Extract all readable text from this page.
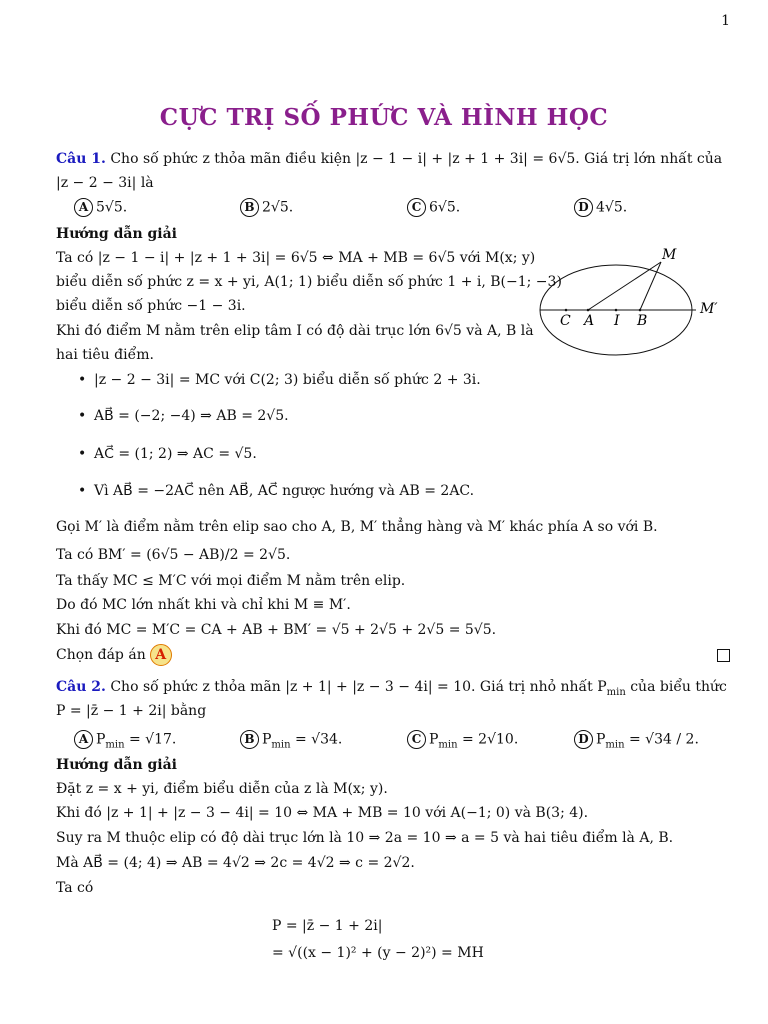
1
CỰC TRỊ SỐ PHỨC VÀ HÌNH HỌC
Câu 1. Cho số phức z thỏa mãn điều kiện |z − 1 − i| + |z + 1 + 3i| = 6√5. Giá trị lớn nhất của
|z − 2 − 3i| là
A 5√5.	B 2√5.	C 6√5.	D 4√5.
Hướng dẫn giải
Ta có |z − 1 − i| + |z + 1 + 3i| = 6√5 ⇔ MA + MB = 6√5 với M(x; y)
biểu diễn số phức z = x + yi, A(1; 1) biểu diễn số phức 1 + i, B(−1; −3)
biểu diễn số phức −1 − 3i.
Khi đó điểm M nằm trên elip tâm I có độ dài trục lớn 6√5 và A, B là
hai tiêu điểm.
M
M′
C A I B
• |z − 2 − 3i| = MC với C(2; 3) biểu diễn số phức 2 + 3i.
• AB⃗ = (−2; −4) ⇒ AB = 2√5.
• AC⃗ = (1; 2) ⇒ AC = √5.
• Vì AB⃗ = −2AC⃗ nên AB⃗, AC⃗ ngược hướng và AB = 2AC.
Gọi M′ là điểm nằm trên elip sao cho A, B, M′ thẳng hàng và M′ khác phía A so với B.
Ta có BM′ = (6√5 − AB)/2 = 2√5.
Ta thấy MC ≤ M′C với mọi điểm M nằm trên elip.
Do đó MC lớn nhất khi và chỉ khi M ≡ M′.
Khi đó MC = M′C = CA + AB + BM′ = √5 + 2√5 + 2√5 = 5√5.
Chọn đáp án A
Câu 2. Cho số phức z thỏa mãn |z + 1| + |z − 3 − 4i| = 10. Giá trị nhỏ nhất $P_{min}$ của biểu thức
P = |z̄ − 1 + 2i| bằng
A $P_{min} = √17$.	B $P_{min} = √34$.	C $P_{min} = 2√10$.	D $P_{min} = √34 / 2$.
Hướng dẫn giải
Đặt z = x + yi, điểm biểu diễn của z là M(x; y).
Khi đó |z + 1| + |z − 3 − 4i| = 10 ⇔ MA + MB = 10 với A(−1; 0) và B(3; 4).
Suy ra M thuộc elip có độ dài trục lớn là 10 ⇒ 2a = 10 ⇒ a = 5 và hai tiêu điểm là A, B.
Mà AB⃗ = (4; 4) ⇒ AB = 4√2 ⇒ 2c = 4√2 ⇒ c = 2√2.
Ta có
P = |z̄ − 1 + 2i|
= √((x − 1)² + (y − 2)²) = MH
